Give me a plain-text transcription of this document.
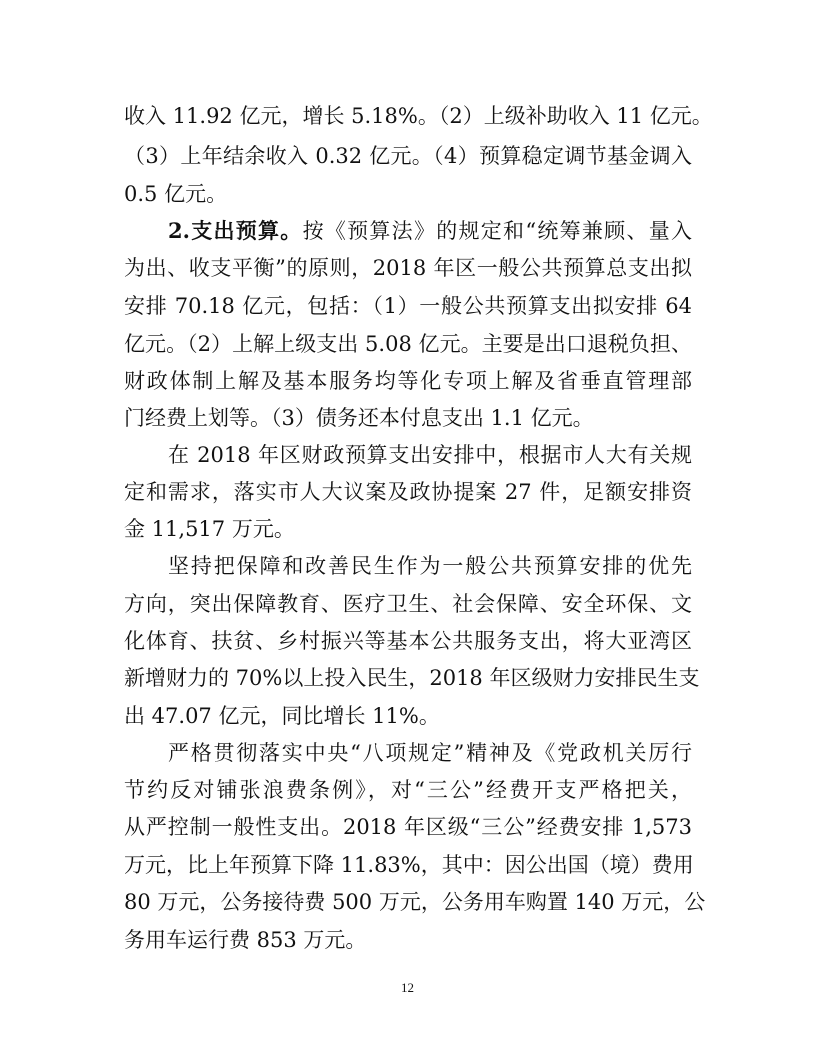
收入 11.92 亿元，增长 5.18%。（2）上级补助收入 11 亿元。
（3）上年结余收入 0.32 亿元。（4）预算稳定调节基金调入
0.5 亿元。
2.支出预算。按《预算法》的规定和“统筹兼顾、量入
为出、收支平衡”的原则，2018 年区一般公共预算总支出拟
安排 70.18 亿元，包括：（1）一般公共预算支出拟安排 64
亿元。（2）上解上级支出 5.08 亿元。主要是出口退税负担、
财政体制上解及基本服务均等化专项上解及省垂直管理部
门经费上划等。（3）债务还本付息支出 1.1 亿元。
在 2018 年区财政预算支出安排中，根据市人大有关规
定和需求，落实市人大议案及政协提案 27 件，足额安排资
金 11,517 万元。
坚持把保障和改善民生作为一般公共预算安排的优先
方向，突出保障教育、医疗卫生、社会保障、安全环保、文
化体育、扶贫、乡村振兴等基本公共服务支出，将大亚湾区
新增财力的 70%以上投入民生，2018 年区级财力安排民生支
出 47.07 亿元，同比增长 11%。
严格贯彻落实中央“八项规定”精神及《党政机关厉行
节约反对铺张浪费条例》，对“三公”经费开支严格把关，
从严控制一般性支出。2018 年区级“三公”经费安排 1,573
万元，比上年预算下降 11.83%，其中：因公出国（境）费用
80 万元，公务接待费 500 万元，公务用车购置 140 万元，公
务用车运行费 853 万元。
12
